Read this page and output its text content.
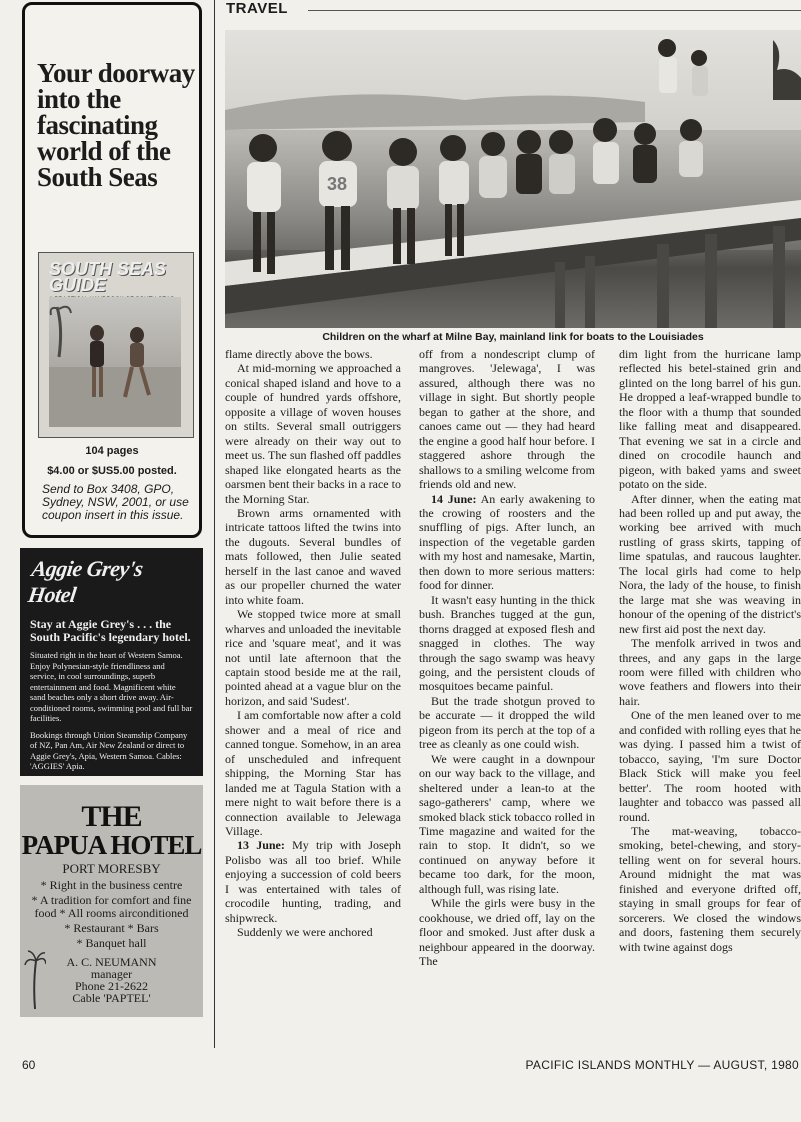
Your doorway into the fascinating world of the South Seas
SOUTH SEAS GUIDE
104 pages
$4.00 or $US5.00 posted.
Send to Box 3408, GPO, Sydney, NSW, 2001, or use coupon insert in this issue.
Aggie Grey's Hotel
Stay at Aggie Grey's . . . the South Pacific's legendary hotel.
Situated right in the heart of Western Samoa. Enjoy Polynesian-style friendliness and service, in cool surroundings, superb entertainment and food. Magnificent white sand beaches only a short drive away. Air-conditioned rooms, swimming pool and full bar facilities.
Bookings through Union Steamship Company of NZ, Pan Am, Air New Zealand or direct to Aggie Grey's, Apia, Western Samoa. Cables: 'AGGIES' Apia.
THE
PAPUA HOTEL
PORT MORESBY
* Right in the business centre
* A tradition for comfort and fine food * All rooms airconditioned
* Restaurant * Bars
* Banquet hall
A. C. NEUMANN
manager
Phone 21-2622
Cable 'PAPTEL'
TRAVEL
38
Children on the wharf at Milne Bay, mainland link for boats to the Louisiades

flame directly above the bows.

At mid-morning we approached a conical shaped island and hove to a couple of hundred yards offshore, opposite a village of woven houses on stilts. Several small outriggers were already on their way out to meet us. The sun flashed off paddles shaped like elongated hearts as the oarsmen bent their backs in a race to the Morning Star.

Brown arms ornamented with intricate tattoos lifted the twins into the dugouts. Several bundles of mats followed, then Julie seated herself in the last canoe and waved as our propeller churned the water into white foam.

We stopped twice more at small wharves and unloaded the inevitable rice and 'square meat', and it was not until late afternoon that the captain stood beside me at the rail, pointed ahead at a vague blur on the horizon, and said 'Sudest'.

I am comfortable now after a cold shower and a meal of rice and canned tongue. Somehow, in an area of unscheduled and infrequent shipping, the Morning Star has landed me at Tagula Station with a mere night to wait before there is a connection available to Jelewaga Village.

13 June: My trip with Joseph Polisbo was all too brief. While enjoying a succession of cold beers I was entertained with tales of crocodile hunting, trading, and shipwreck.

Suddenly we were anchored

off from a nondescript clump of mangroves. 'Jelewaga', I was assured, although there was no village in sight. But shortly people began to gather at the shore, and canoes came out — they had heard the engine a good half hour before. I staggered ashore through the shallows to a smiling welcome from friends old and new.

14 June: An early awakening to the crowing of roosters and the snuffling of pigs. After lunch, an inspection of the vegetable garden with my host and namesake, Martin, then down to more serious matters: food for dinner.

It wasn't easy hunting in the thick bush. Branches tugged at the gun, thorns dragged at exposed flesh and snagged in clothes. The way through the sago swamp was heavy going, and the persistent clouds of mosquitoes became painful.

But the trade shotgun proved to be accurate — it dropped the wild pigeon from its perch at the top of a tree as cleanly as one could wish.

We were caught in a downpour on our way back to the village, and sheltered under a lean-to at the sago-gatherers' camp, where we smoked black stick tobacco rolled in Time magazine and waited for the rain to stop. It didn't, so we continued on anyway before it became too dark, for the moon, although full, was rising late.

While the girls were busy in the cookhouse, we dried off, lay on the floor and smoked. Just after dusk a neighbour appeared in the doorway. The

dim light from the hurricane lamp reflected his betel-stained grin and glinted on the long barrel of his gun. He dropped a leaf-wrapped bundle to the floor with a thump that sounded like falling meat and disappeared. That evening we sat in a circle and dined on crocodile haunch and pigeon, with baked yams and sweet potato on the side.

After dinner, when the eating mat had been rolled up and put away, the working bee arrived with much rustling of grass skirts, tapping of lime spatulas, and raucous laughter. The local girls had come to help Nora, the lady of the house, to finish the large mat she was weaving in honour of the opening of the district's new first aid post the next day.

The menfolk arrived in twos and threes, and any gaps in the large room were filled with children who wove feathers and flowers into their hair.

One of the men leaned over to me and confided with rolling eyes that he was dying. I passed him a twist of tobacco, saying, 'I'm sure Doctor Black Stick will make you feel better'. The room hooted with laughter and tobacco was passed all round.

The mat-weaving, tobacco-smoking, betel-chewing, and story-telling went on for several hours. Around midnight the mat was finished and everyone drifted off, staying in small groups for fear of sorcerers. We closed the windows and doors, fastening them securely with twine against dogs

60	PACIFIC ISLANDS MONTHLY — AUGUST, 1980
